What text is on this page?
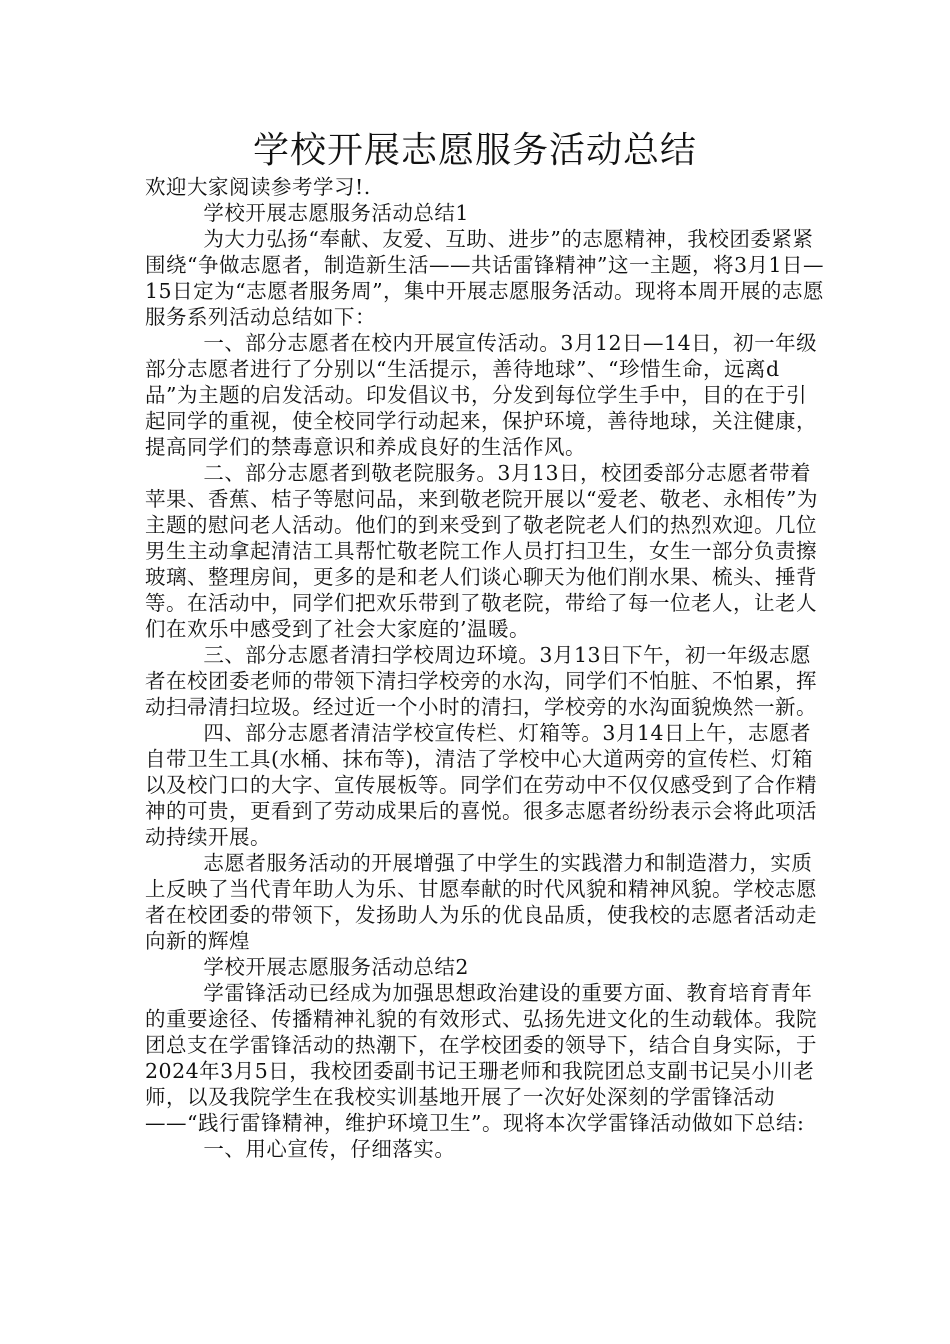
学校开展志愿服务活动总结

欢迎大家阅读参考学习!.

学校开展志愿服务活动总结1

为大力弘扬“奉献、友爱、互助、进步”的志愿精神，我校团委紧紧围绕“争做志愿者，制造新生活——共话雷锋精神”这一主题，将3月1日—15日定为“志愿者服务周”，集中开展志愿服务活动。现将本周开展的志愿服务系列活动总结如下：

一、部分志愿者在校内开展宣传活动。3月12日—14日，初一年级部分志愿者进行了分别以“生活提示，善待地球”、“珍惜生命，远离d品”为主题的启发活动。印发倡议书，分发到每位学生手中，目的在于引起同学的重视，使全校同学行动起来，保护环境，善待地球，关注健康，提高同学们的禁毒意识和养成良好的生活作风。

二、部分志愿者到敬老院服务。3月13日，校团委部分志愿者带着苹果、香蕉、桔子等慰问品，来到敬老院开展以“爱老、敬老、永相传”为主题的慰问老人活动。他们的到来受到了敬老院老人们的热烈欢迎。几位男生主动拿起清洁工具帮忙敬老院工作人员打扫卫生，女生一部分负责擦玻璃、整理房间，更多的是和老人们谈心聊天为他们削水果、梳头、捶背等。在活动中，同学们把欢乐带到了敬老院，带给了每一位老人，让老人们在欢乐中感受到了社会大家庭的’温暖。

三、部分志愿者清扫学校周边环境。3月13日下午，初一年级志愿者在校团委老师的带领下清扫学校旁的水沟，同学们不怕脏、不怕累，挥动扫帚清扫垃圾。经过近一个小时的清扫，学校旁的水沟面貌焕然一新。

四、部分志愿者清洁学校宣传栏、灯箱等。3月14日上午，志愿者自带卫生工具(水桶、抹布等)，清洁了学校中心大道两旁的宣传栏、灯箱以及校门口的大字、宣传展板等。同学们在劳动中不仅仅感受到了合作精神的可贵，更看到了劳动成果后的喜悦。很多志愿者纷纷表示会将此项活动持续开展。

志愿者服务活动的开展增强了中学生的实践潜力和制造潜力，实质上反映了当代青年助人为乐、甘愿奉献的时代风貌和精神风貌。学校志愿者在校团委的带领下，发扬助人为乐的优良品质，使我校的志愿者活动走向新的辉煌

学校开展志愿服务活动总结2

学雷锋活动已经成为加强思想政治建设的重要方面、教育培育青年的重要途径、传播精神礼貌的有效形式、弘扬先进文化的生动载体。我院团总支在学雷锋活动的热潮下，在学校团委的领导下，结合自身实际，于2024年3月5日，我校团委副书记王珊老师和我院团总支副书记吴小川老师，以及我院学生在我校实训基地开展了一次好处深刻的学雷锋活动——“践行雷锋精神，维护环境卫生”。现将本次学雷锋活动做如下总结:

一、用心宣传，仔细落实。
